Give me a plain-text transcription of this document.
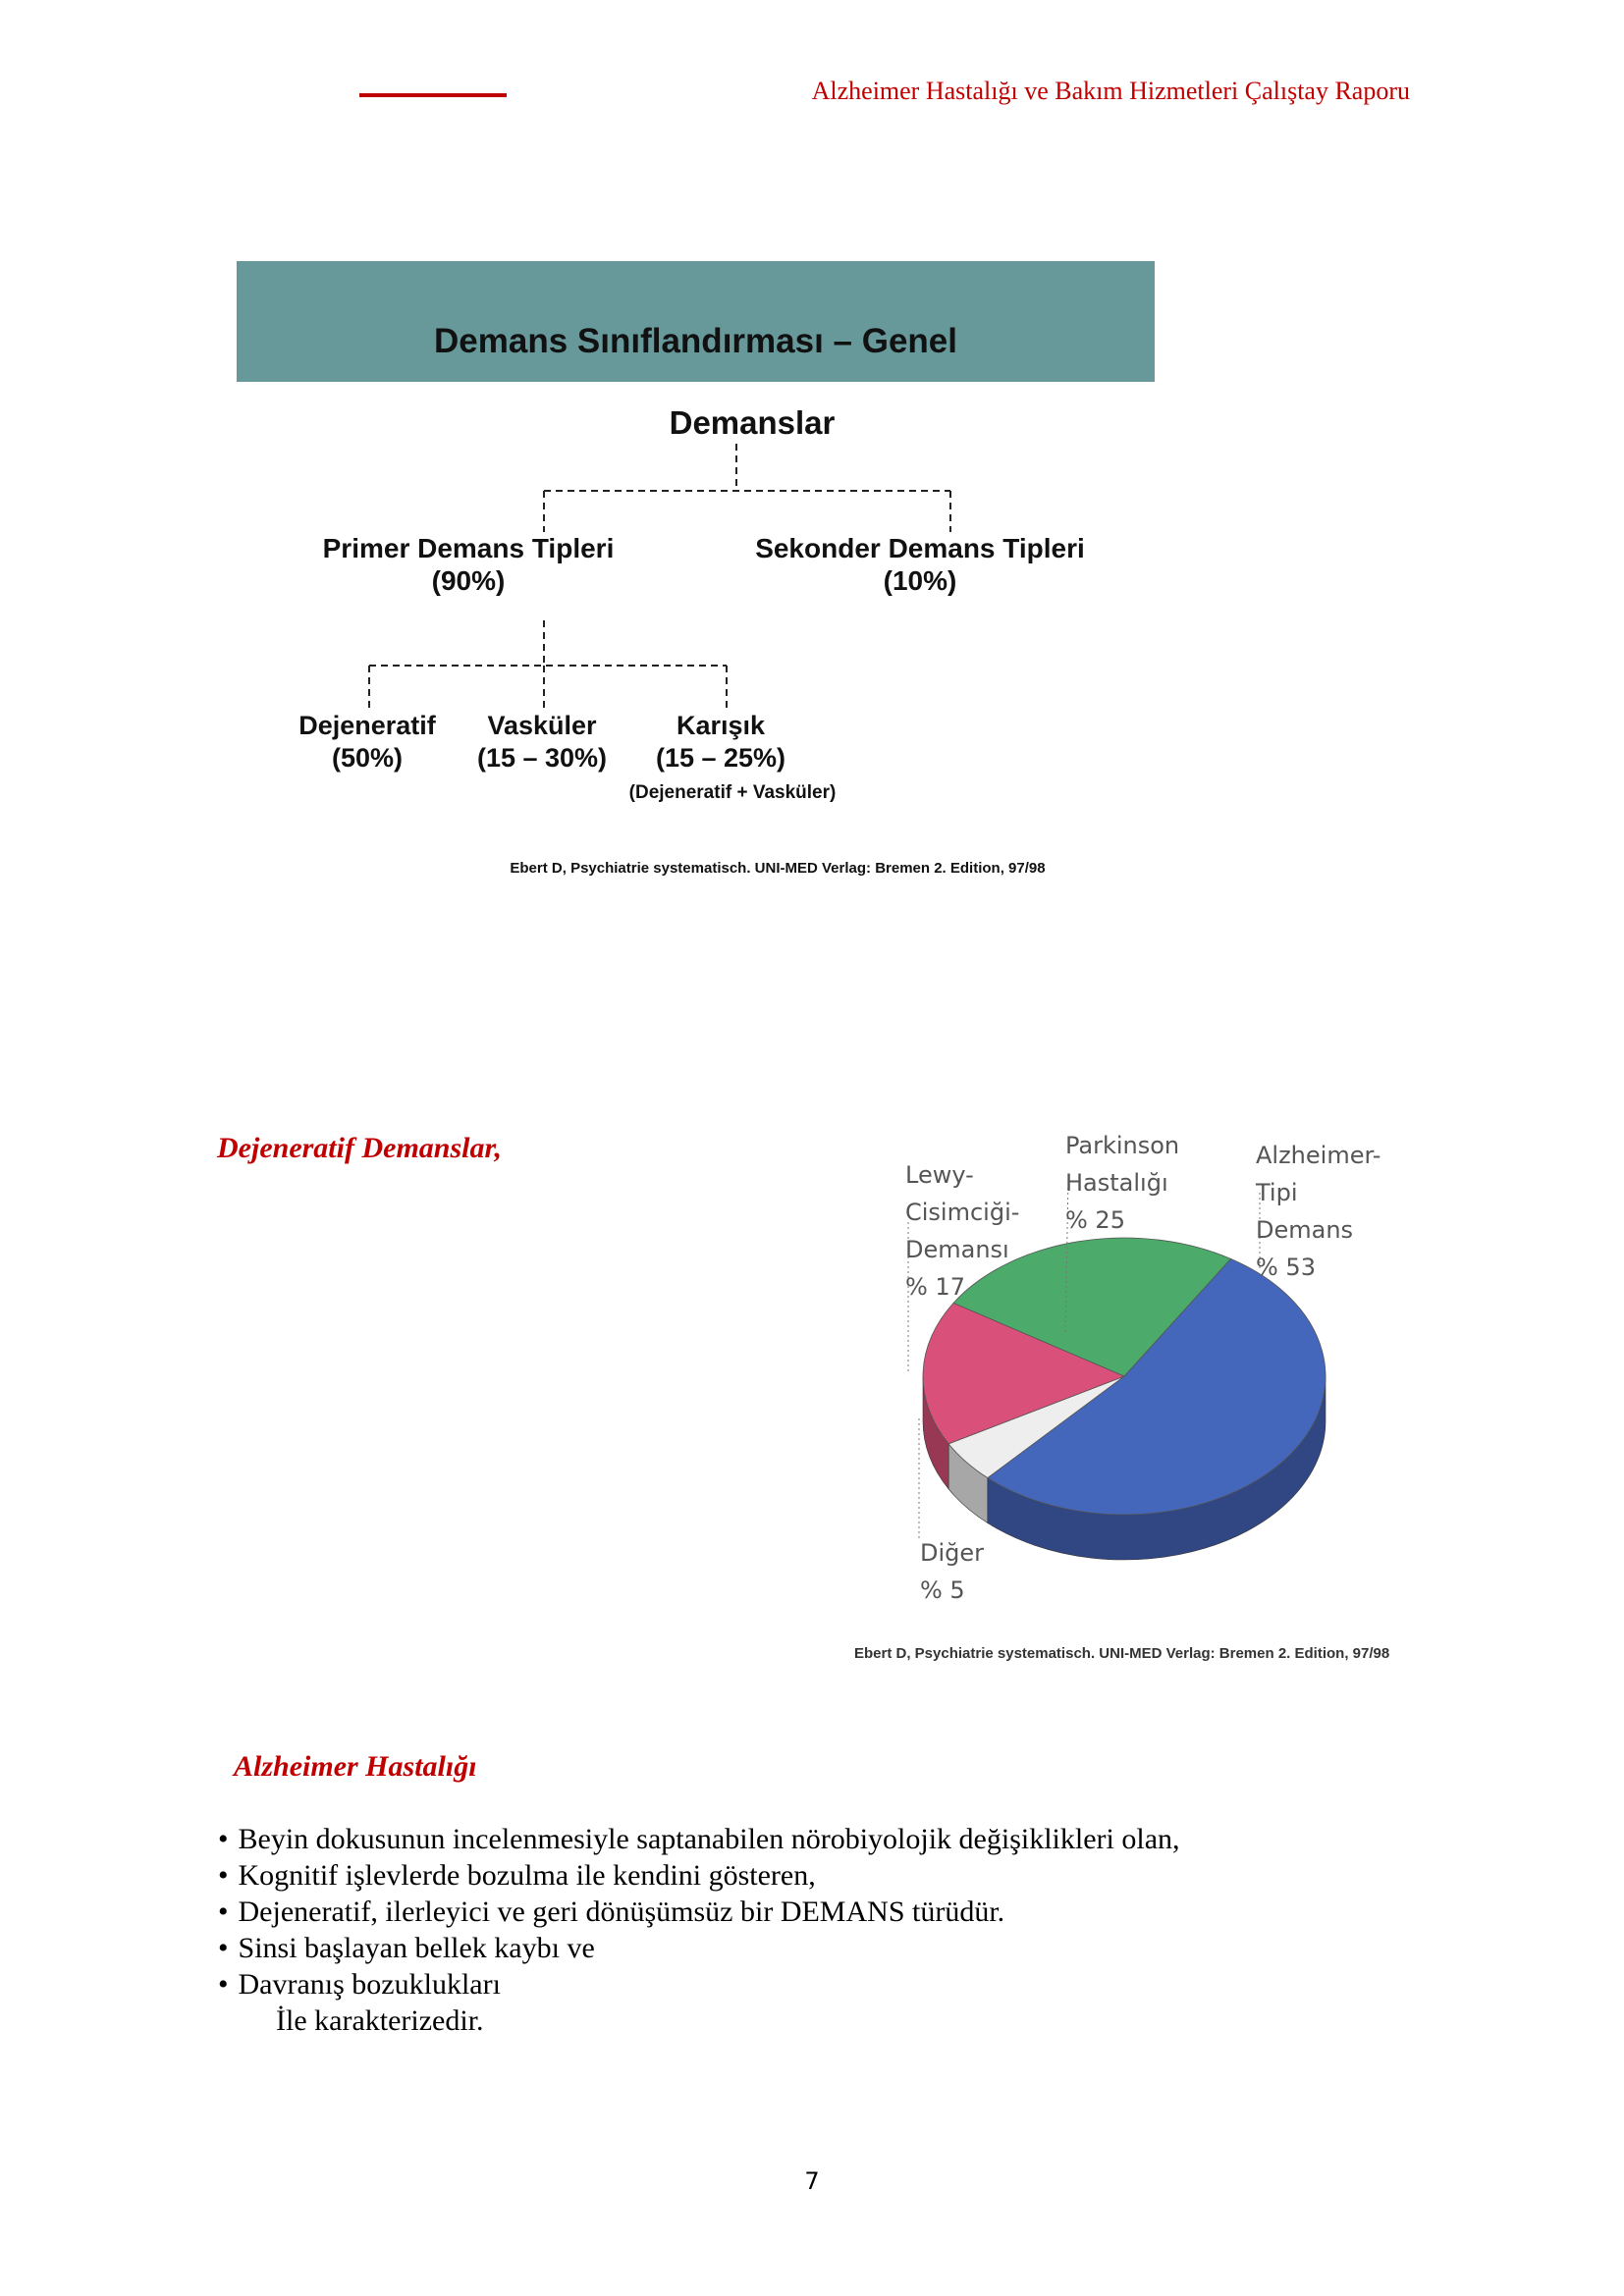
Alzheimer Hastalığı ve Bakım Hizmetleri Çalıştay Raporu
Demans Sınıflandırması – Genel
Demanslar
Primer Demans Tipleri
(90%)
Sekonder Demans Tipleri
(10%)
Dejeneratif
(50%)
Vasküler
(15 – 30%)
Karışık
(15 – 25%)
(Dejeneratif + Vasküler)
Ebert D, Psychiatrie systematisch. UNI-MED Verlag: Bremen 2. Edition, 97/98
Dejeneratif Demanslar,
Lewy-
Cisimciği-
Demansı
% 17
Parkinson
Hastalığı
% 25
Alzheimer-
Tipi
Demans
% 53
Diğer
% 5
Ebert D, Psychiatrie systematisch. UNI-MED Verlag: Bremen 2. Edition, 97/98
Alzheimer Hastalığı
• Beyin dokusunun incelenmesiyle saptanabilen nörobiyolojik değişiklikleri olan,
• Kognitif işlevlerde bozulma ile kendini gösteren,
• Dejeneratif, ilerleyici ve geri dönüşümsüz bir DEMANS türüdür.
• Sinsi başlayan bellek kaybı ve
• Davranış bozuklukları
İle karakterizedir.
7
